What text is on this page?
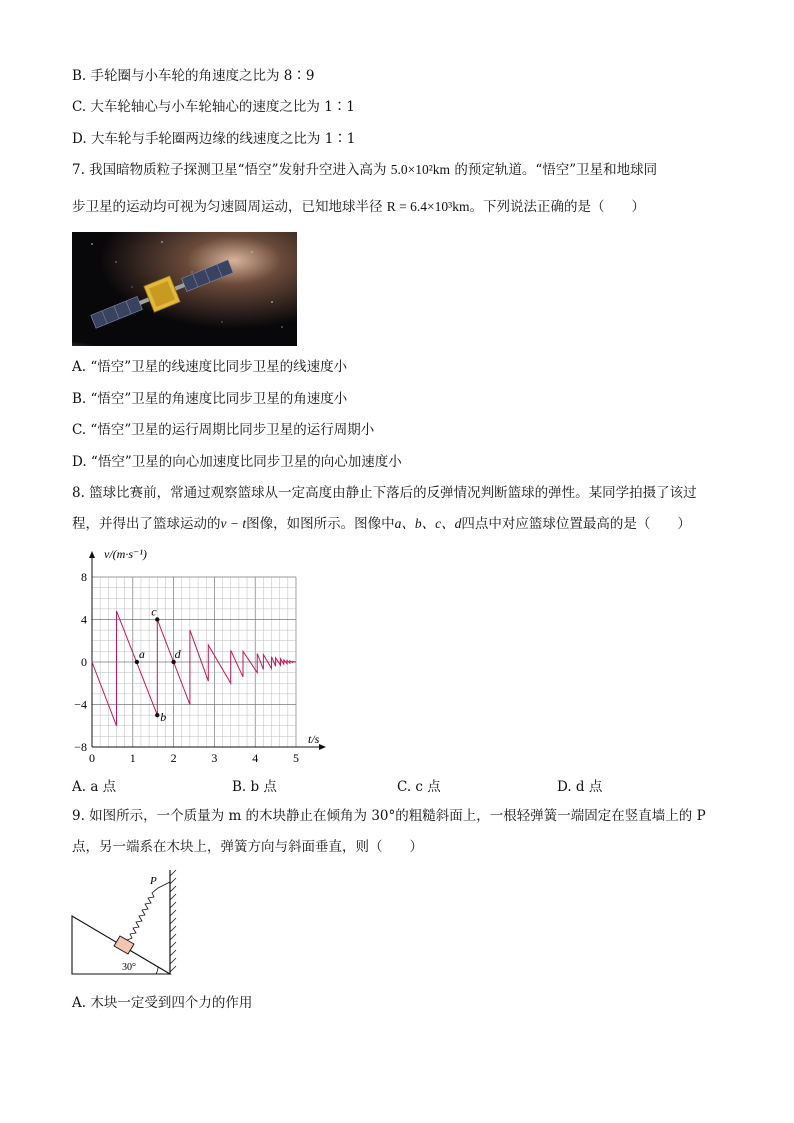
B. 手轮圈与小车轮的角速度之比为 8∶9
C. 大车轮轴心与小车轮轴心的速度之比为 1∶1
D. 大车轮与手轮圈两边缘的线速度之比为 1∶1
7. 我国暗物质粒子探测卫星“悟空”发射升空进入高为 5.0×10²km 的预定轨道。“悟空”卫星和地球同
步卫星的运动均可视为匀速圆周运动，已知地球半径 R = 6.4×10³km。下列说法正确的是（　　）
A. “悟空”卫星的线速度比同步卫星的线速度小
B. “悟空”卫星的角速度比同步卫星的角速度小
C. “悟空”卫星的运行周期比同步卫星的运行周期小
D. “悟空”卫星的向心加速度比同步卫星的向心加速度小
8. 篮球比赛前，常通过观察篮球从一定高度由静止下落后的反弹情况判断篮球的弹性。某同学拍摄了该过
程，并得出了篮球运动的v − t图像，如图所示。图像中a、b、c、d四点中对应篮球位置最高的是（　　）
0	1	2	3	4	5
8
4
0
−4
−8
a
b
c
d
v/(m·s⁻¹)
t/s
A. a 点	B. b 点	C. c 点	D. d 点
9. 如图所示，一个质量为 m 的木块静止在倾角为 30°的粗糙斜面上，一根轻弹簧一端固定在竖直墙上的 P
点，另一端系在木块上，弹簧方向与斜面垂直，则（　　）
P
30°
A. 木块一定受到四个力的作用
